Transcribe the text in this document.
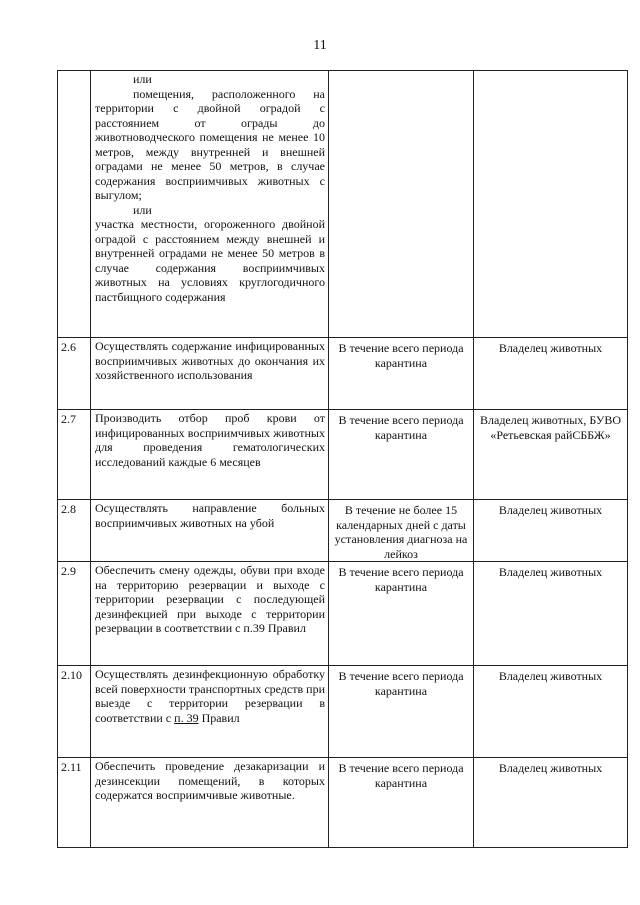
11

	или

помещения, расположенного на территории с двойной оградой с расстоянием от ограды до животноводческого помещения не менее 10 метров, между внутренней и внешней оградами не менее 50 метров, в случае содержания восприимчивых животных с выгулом;

или

участка местности, огороженного двойной оградой с расстоянием между внешней и внутренней оградами не менее 50 метров в случае содержания восприимчивых животных на условиях круглогодичного пастбищного содержания		

2.6	Осуществлять содержание инфицированных восприимчивых животных до окончания их хозяйственного использования	В течение всего периода карантина	Владелец животных
2.7	Производить отбор проб крови от инфицированных восприимчивых животных для проведения гематологических исследований каждые 6 месяцев	В течение всего периода карантина	Владелец животных, БУВО «Ретьевская райСББЖ»
2.8	Осуществлять направление больных восприимчивых животных на убой	В течение не более 15 календарных дней с даты установления диагноза на лейкоз	Владелец животных
2.9	Обеспечить смену одежды, обуви при входе на территорию резервации и выходе с территории резервации с последующей дезинфекцией при выходе с территории резервации в соответствии с п.39 Правил	В течение всего периода карантина	Владелец животных
2.10	Осуществлять дезинфекционную обработку всей поверхности транспортных средств при выезде с территории резервации в соответствии с п. 39 Правил	В течение всего периода карантина	Владелец животных
2.11	Обеспечить проведение дезакаризации и дезинсекции помещений, в которых содержатся восприимчивые животные.	В течение всего периода карантина	Владелец животных
